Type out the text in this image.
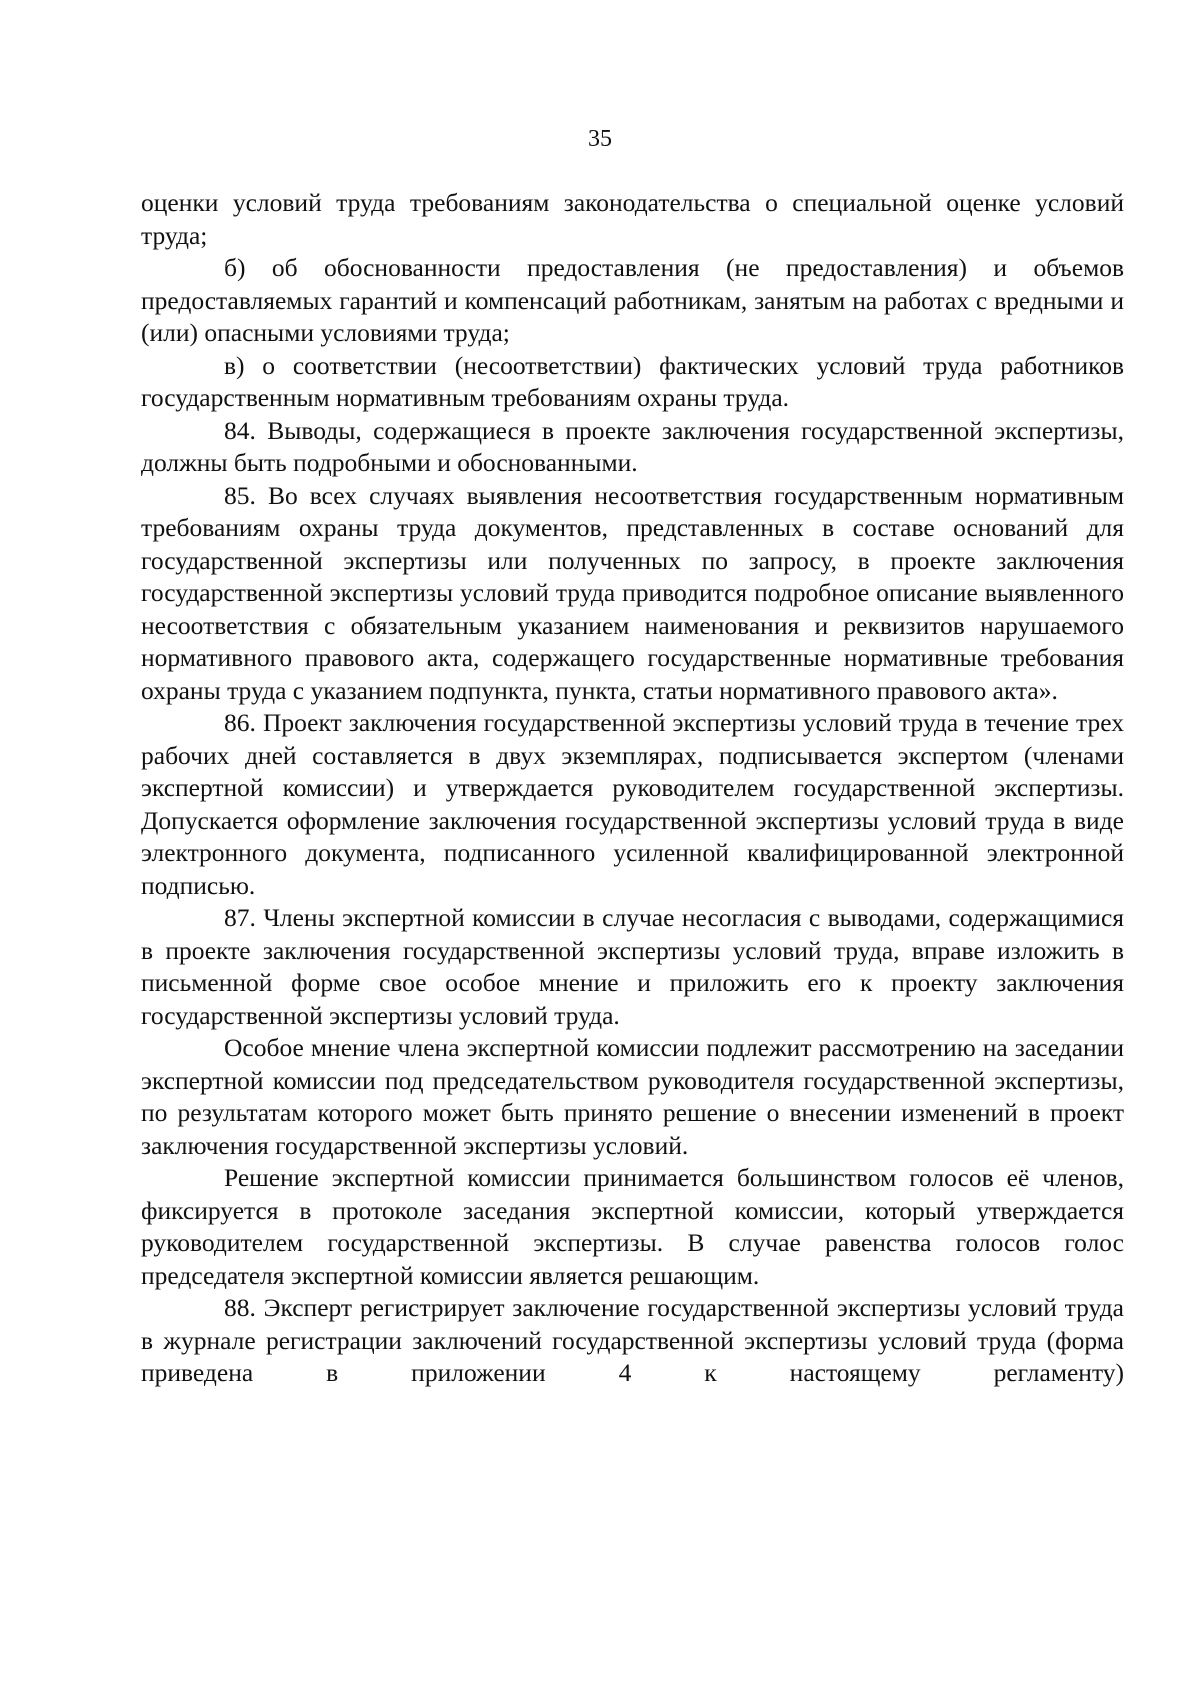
35

оценки условий труда требованиям законодательства о специальной оценке условий труда;

б) об обоснованности предоставления (не предоставления) и объемов предоставляемых гарантий и компенсаций работникам, занятым на работах с вредными и (или) опасными условиями труда;

в) о соответствии (несоответствии) фактических условий труда работников государственным нормативным требованиям охраны труда.

84. Выводы, содержащиеся в проекте заключения государственной экспертизы, должны быть подробными и обоснованными.

85. Во всех случаях выявления несоответствия государственным нормативным требованиям охраны труда документов, представленных в составе оснований для государственной экспертизы или полученных по запросу, в проекте заключения государственной экспертизы условий труда приводится подробное описание выявленного несоответствия с обязательным указанием наименования и реквизитов нарушаемого нормативного правового акта, содержащего государственные нормативные требования охраны труда с указанием подпункта, пункта, статьи нормативного правового акта».

86. Проект заключения государственной экспертизы условий труда в течение трех рабочих дней составляется в двух экземплярах, подписывается экспертом (членами экспертной комиссии) и утверждается руководителем государственной экспертизы. Допускается оформление заключения государственной экспертизы условий труда в виде электронного документа, подписанного усиленной квалифицированной электронной подписью.

87. Члены экспертной комиссии в случае несогласия с выводами, содержащимися в проекте заключения государственной экспертизы условий труда, вправе изложить в письменной форме свое особое мнение и приложить его к проекту заключения государственной экспертизы условий труда.

Особое мнение члена экспертной комиссии подлежит рассмотрению на заседании экспертной комиссии под председательством руководителя государственной экспертизы, по результатам которого может быть принято решение о внесении изменений в проект заключения государственной экспертизы условий.

Решение экспертной комиссии принимается большинством голосов её членов, фиксируется в протоколе заседания экспертной комиссии, который утверждается руководителем государственной экспертизы. В случае равенства голосов голос председателя экспертной комиссии является решающим.

88. Эксперт регистрирует заключение государственной экспертизы условий труда в журнале регистрации заключений государственной экспертизы условий труда (форма приведена в приложении 4 к настоящему регламенту)
